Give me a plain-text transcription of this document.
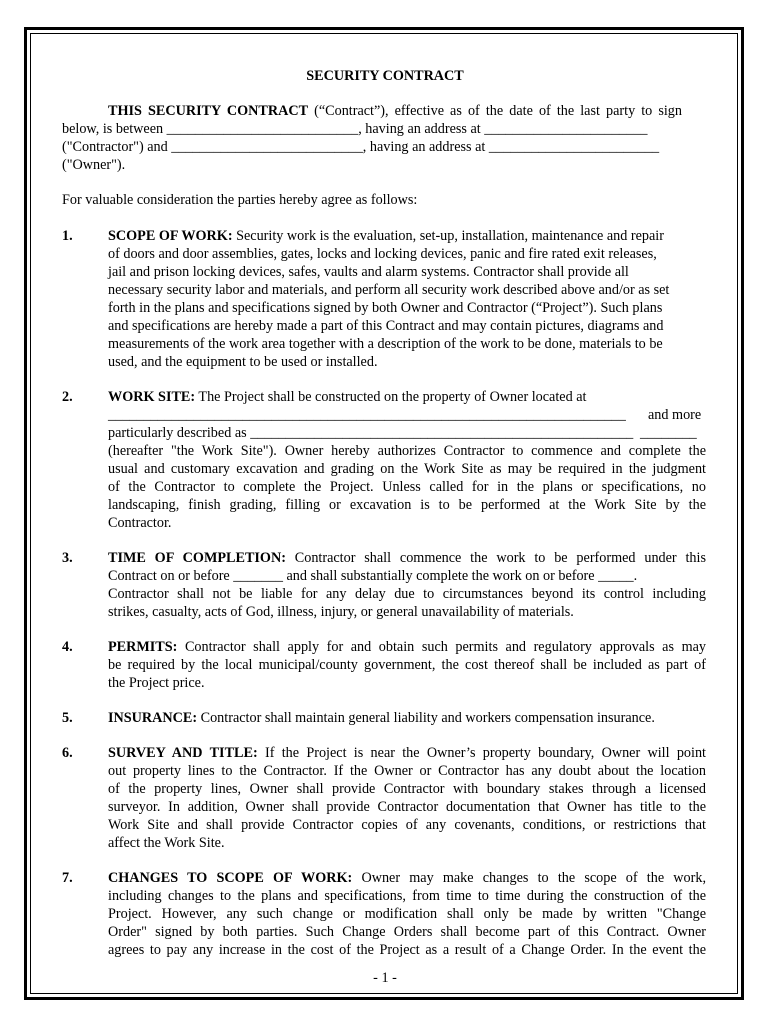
SECURITY CONTRACT
THIS SECURITY CONTRACT (“Contract”), effective as of the date of the last party to sign
below, is between ___________________________, having an address at _______________________
("Contractor") and ___________________________, having an address at ________________________
("Owner").
For valuable consideration the parties hereby agree as follows:
1. SCOPE OF WORK: Security work is the evaluation, set-up, installation, maintenance and repair
of doors and door assemblies, gates, locks and locking devices, panic and fire rated exit releases,
jail and prison locking devices, safes, vaults and alarm systems. Contractor shall provide all
necessary security labor and materials, and perform all security work described above and/or as set
forth in the plans and specifications signed by both Owner and Contractor (“Project”). Such plans
and specifications are hereby made a part of this Contract and may contain pictures, diagrams and
measurements of the work area together with a description of the work to be done, materials to be
used, and the equipment to be used or installed.
2. WORK SITE: The Project shall be constructed on the property of Owner located at
_________________________________________________________________________ and more
particularly described as ______________________________________________________ ________
(hereafter "the Work Site"). Owner hereby authorizes Contractor to commence and complete the
usual and customary excavation and grading on the Work Site as may be required in the judgment
of the Contractor to complete the Project. Unless called for in the plans or specifications, no
landscaping, finish grading, filling or excavation is to be performed at the Work Site by the
Contractor.
3. TIME OF COMPLETION: Contractor shall commence the work to be performed under this
Contract on or before _______ and shall substantially complete the work on or before _____.
Contractor shall not be liable for any delay due to circumstances beyond its control including
strikes, casualty, acts of God, illness, injury, or general unavailability of materials.
4. PERMITS: Contractor shall apply for and obtain such permits and regulatory approvals as may
be required by the local municipal/county government, the cost thereof shall be included as part of
the Project price.
5. INSURANCE: Contractor shall maintain general liability and workers compensation insurance.
6. SURVEY AND TITLE: If the Project is near the Owner’s property boundary, Owner will point
out property lines to the Contractor. If the Owner or Contractor has any doubt about the location
of the property lines, Owner shall provide Contractor with boundary stakes through a licensed
surveyor. In addition, Owner shall provide Contractor documentation that Owner has title to the
Work Site and shall provide Contractor copies of any covenants, conditions, or restrictions that
affect the Work Site.
7. CHANGES TO SCOPE OF WORK: Owner may make changes to the scope of the work,
including changes to the plans and specifications, from time to time during the construction of the
Project. However, any such change or modification shall only be made by written "Change
Order" signed by both parties. Such Change Orders shall become part of this Contract. Owner
agrees to pay any increase in the cost of the Project as a result of a Change Order. In the event the
- 1 -
